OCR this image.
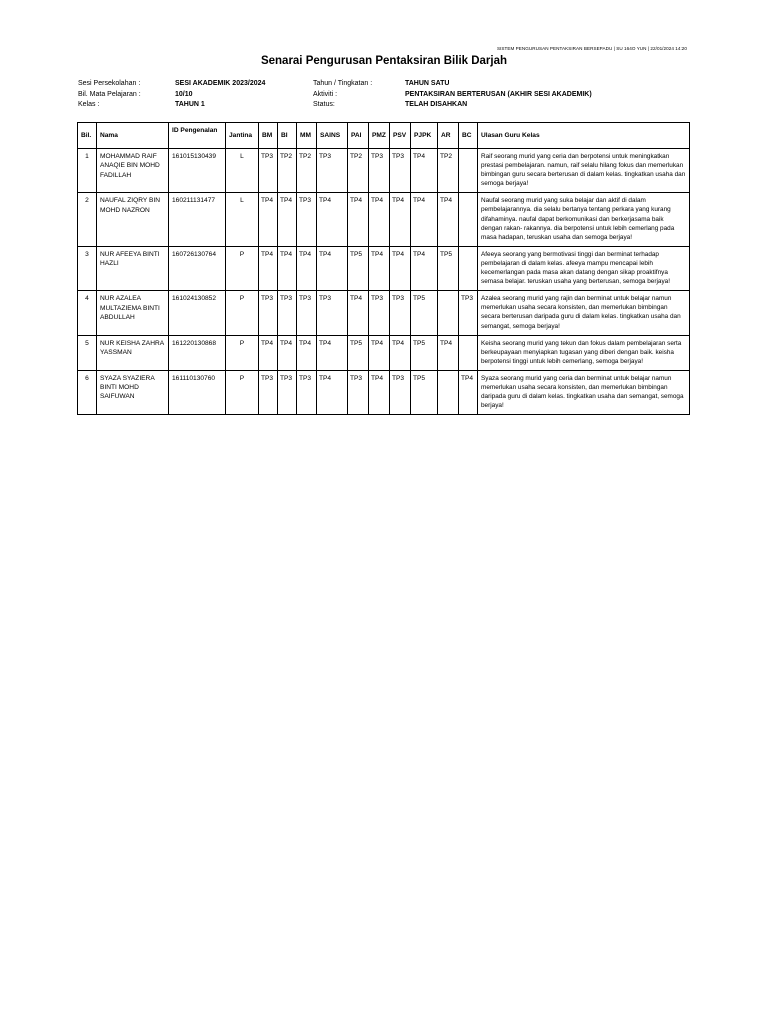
SISTEM PENGURUSAN PENTAKSIRAN BERSEPADU | SU 164O YUN | 22/01/2024 14:20
Senarai Pengurusan Pentaksiran Bilik Darjah
Sesi Persekolahan :	SESI AKADEMIK 2023/2024	Tahun / Tingkatan :	TAHUN SATU
Bil. Mata Pelajaran :	10/10	Aktiviti :	PENTAKSIRAN BERTERUSAN (AKHIR SESI AKADEMIK)
Kelas :	TAHUN 1	Status:	TELAH DISAHKAN
Bil.	Nama	ID Pengenalan	Jantina	BM	BI	MM	SAINS	PAI	PMZ	PSV	PJPK	AR	BC	Ulasan Guru Kelas
1	MOHAMMAD RAIF ANAQIE BIN MOHD FADILLAH	161015130439	L	TP3	TP2	TP2	TP3	TP2	TP3	TP3	TP4	TP2		Raif seorang murid yang ceria dan berpotensi untuk meningkatkan prestasi pembelajaran. namun, raif selalu hilang fokus dan memerlukan bimbingan guru secara berterusan di dalam kelas. tingkatkan usaha dan semoga berjaya!
2	NAUFAL ZIQRY BIN MOHD NAZRON	160211131477	L	TP4	TP4	TP3	TP4	TP4	TP4	TP4	TP4	TP4		Naufal seorang murid yang suka belajar dan aktif di dalam pembelajarannya. dia selalu bertanya tentang perkara yang kurang difahaminya. naufal dapat berkomunikasi dan berkerjasama baik dengan rakan- rakannya. dia berpotensi untuk lebih cemerlang pada masa hadapan, teruskan usaha dan semoga berjaya!
3	NUR AFEEYA BINTI HAZLI	160726130764	P	TP4	TP4	TP4	TP4	TP5	TP4	TP4	TP4	TP5		Afeeya seorang yang bermotivasi tinggi dan berminat terhadap pembelajaran di dalam kelas. afeeya mampu mencapai lebih kecemerlangan pada masa akan datang dengan sikap proaktifnya semasa belajar. teruskan usaha yang berterusan, semoga berjaya!
4	NUR AZALEA MULTAZIEMA BINTI ABDULLAH	161024130852	P	TP3	TP3	TP3	TP3	TP4	TP3	TP3	TP5		TP3	Azalea seorang murid yang rajin dan berminat untuk belajar namun memerlukan usaha secara konsisten, dan memerlukan bimbingan secara berterusan daripada guru di dalam kelas. tingkatkan usaha dan semangat, semoga berjaya!
5	NUR KEISHA ZAHRA YASSMAN	161220130868	P	TP4	TP4	TP4	TP4	TP5	TP4	TP4	TP5	TP4		Keisha seorang murid yang tekun dan fokus dalam pembelajaran serta berkeupayaan menyiapkan tugasan yang diberi dengan baik. keisha berpotensi tinggi untuk lebih cemerlang, semoga berjaya!
6	SYAZA SYAZIERA BINTI MOHD SAIFUWAN	161110130760	P	TP3	TP3	TP3	TP4	TP3	TP4	TP3	TP5		TP4	Syaza seorang murid yang ceria dan berminat untuk belajar namun memerlukan usaha secara konsisten, dan memerlukan bimbingan daripada guru di dalam kelas. tingkatkan usaha dan semangat, semoga berjaya!
